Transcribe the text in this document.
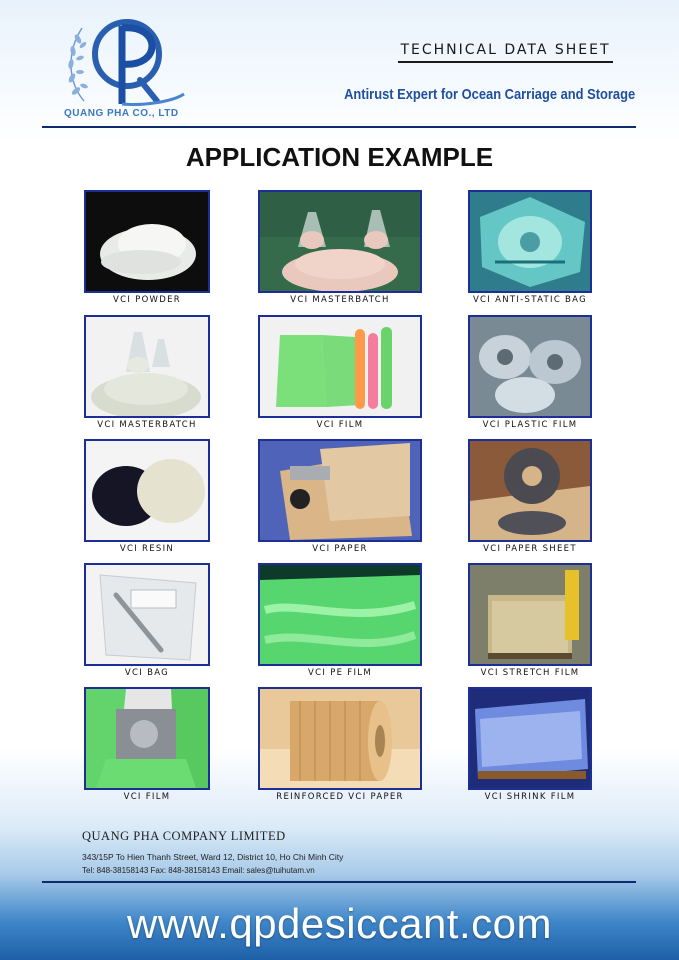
QUANG PHA CO., LTD
TECHNICAL DATA SHEET
Antirust Expert for Ocean Carriage and Storage
APPLICATION EXAMPLE
VCI POWDER	VCI MASTERBATCH	VCI ANTI-STATIC BAG
VCI MASTERBATCH	VCI FILM	VCI PLASTIC FILM
VCI RESIN	VCI PAPER	VCI PAPER SHEET
VCI BAG	VCI PE FILM	VCI STRETCH FILM
VCI FILM	REINFORCED VCI PAPER	VCI SHRINK FILM
QUANG PHA COMPANY LIMITED
343/15P To Hien Thanh Street, Ward 12, District 10, Ho Chi Minh City
Tel: 848-38158143 Fax: 848-38158143 Email: sales@tuihutam.vn
www.qpdesiccant.com
